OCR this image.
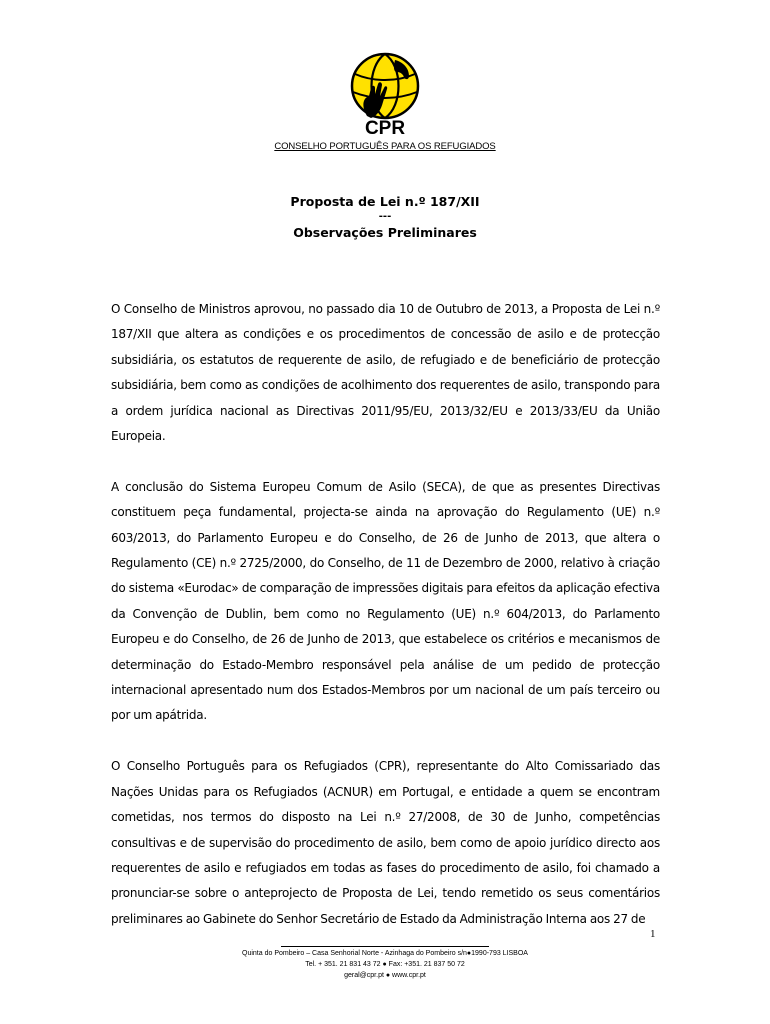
CPR
CONSELHO PORTUGUÊS PARA OS REFUGIADOS
Proposta de Lei n.º 187/XII
---
Observações Preliminares

O Conselho de Ministros aprovou, no passado dia 10 de Outubro de 2013, a Proposta de Lei n.º 187/XII que altera as condições e os procedimentos de concessão de asilo e de protecção subsidiária, os estatutos de requerente de asilo, de refugiado e de beneficiário de protecção subsidiária, bem como as condições de acolhimento dos requerentes de asilo, transpondo para a ordem jurídica nacional as Directivas 2011/95/EU, 2013/32/EU e 2013/33/EU da União Europeia.

A conclusão do Sistema Europeu Comum de Asilo (SECA), de que as presentes Directivas constituem peça fundamental, projecta-se ainda na aprovação do Regulamento (UE) n.º 603/2013, do Parlamento Europeu e do Conselho, de 26 de Junho de 2013, que altera o Regulamento (CE) n.º 2725/2000, do Conselho, de 11 de Dezembro de 2000, relativo à criação do sistema «Eurodac» de comparação de impressões digitais para efeitos da aplicação efectiva da Convenção de Dublin, bem como no Regulamento (UE) n.º 604/2013, do Parlamento Europeu e do Conselho, de 26 de Junho de 2013, que estabelece os critérios e mecanismos de determinação do Estado-Membro responsável pela análise de um pedido de protecção internacional apresentado num dos Estados-Membros por um nacional de um país terceiro ou por um apátrida.

O Conselho Português para os Refugiados (CPR), representante do Alto Comissariado das Nações Unidas para os Refugiados (ACNUR) em Portugal, e entidade a quem se encontram cometidas, nos termos do disposto na Lei n.º 27/2008, de 30 de Junho, competências consultivas e de supervisão do procedimento de asilo, bem como de apoio jurídico directo aos requerentes de asilo e refugiados em todas as fases do procedimento de asilo, foi chamado a pronunciar-se sobre o anteprojecto de Proposta de Lei, tendo remetido os seus comentários preliminares ao Gabinete do Senhor Secretário de Estado da Administração Interna aos 27 de

1
Quinta do Pombeiro – Casa Senhorial Norte - Azinhaga do Pombeiro s/n●1990-793 LISBOA
Tel. + 351. 21 831 43 72 ● Fax: +351. 21 837 50 72
geral@cpr.pt ● www.cpr.pt
